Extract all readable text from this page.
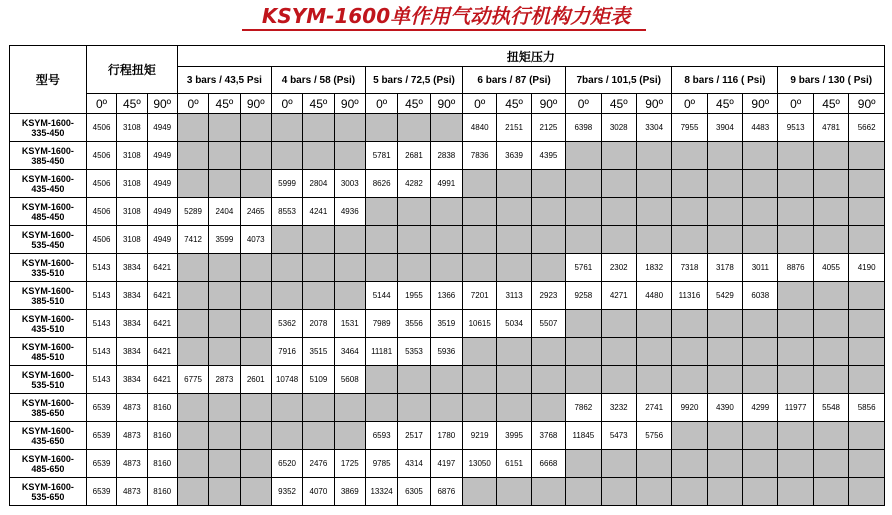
KSYM-1600单作用气动执行机构力矩表
型号	行程扭矩			扭矩压力																				
				3 bars / 43,5 Psi			4 bars / 58 (Psi)			5 bars / 72,5 (Psi)			6 bars / 87 (Psi)			7bars / 101,5 (Psi)			8 bars / 116 ( Psi)			9 bars / 130 ( Psi)		
	0º	45º	90º	0º	45º	90º	0º	45º	90º	0º	45º	90º	0º	45º	90º	0º	45º	90º	0º	45º	90º	0º	45º	90º
KSYM-1600-
335-450	4506	3108	4949										4840	2151	2125	6398	3028	3304	7955	3904	4483	9513	4781	5662
KSYM-1600-
385-450	4506	3108	4949							5781	2681	2838	7836	3639	4395									
KSYM-1600-
435-450	4506	3108	4949				5999	2804	3003	8626	4282	4991												
KSYM-1600-
485-450	4506	3108	4949	5289	2404	2465	8553	4241	4936															
KSYM-1600-
535-450	4506	3108	4949	7412	3599	4073																		
KSYM-1600-
335-510	5143	3834	6421													5761	2302	1832	7318	3178	3011	8876	4055	4190
KSYM-1600-
385-510	5143	3834	6421							5144	1955	1366	7201	3113	2923	9258	4271	4480	11316	5429	6038			
KSYM-1600-
435-510	5143	3834	6421				5362	2078	1531	7989	3556	3519	10615	5034	5507									
KSYM-1600-
485-510	5143	3834	6421				7916	3515	3464	11181	5353	5936												
KSYM-1600-
535-510	5143	3834	6421	6775	2873	2601	10748	5109	5608															
KSYM-1600-
385-650	6539	4873	8160													7862	3232	2741	9920	4390	4299	11977	5548	5856
KSYM-1600-
435-650	6539	4873	8160							6593	2517	1780	9219	3995	3768	11845	5473	5756						
KSYM-1600-
485-650	6539	4873	8160				6520	2476	1725	9785	4314	4197	13050	6151	6668									
KSYM-1600-
535-650	6539	4873	8160				9352	4070	3869	13324	6305	6876												
